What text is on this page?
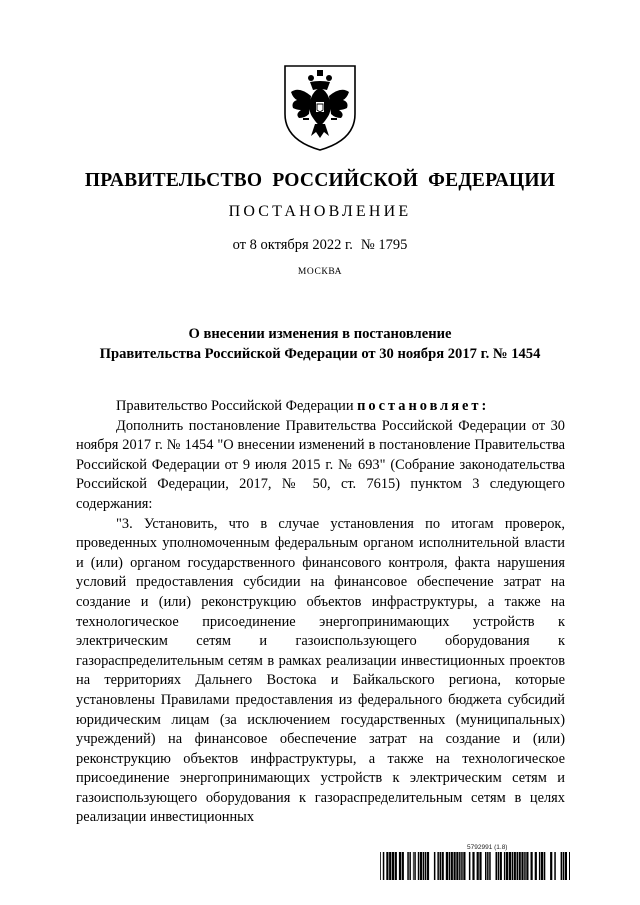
ПРАВИТЕЛЬСТВО РОССИЙСКОЙ ФЕДЕРАЦИИ
ПОСТАНОВЛЕНИЕ
от 8 октября 2022 г. № 1795
МОСКВА
О внесении изменения в постановление
Правительства Российской Федерации от 30 ноября 2017 г. № 1454

Правительство Российской Федерации постановляет:

Дополнить постановление Правительства Российской Федерации от 30 ноября 2017 г. № 1454 "О внесении изменений в постановление Правительства Российской Федерации от 9 июля 2015 г. № 693" (Собрание законодательства Российской Федерации, 2017, № 50, ст. 7615) пунктом 3 следующего содержания:

"3. Установить, что в случае установления по итогам проверок, проведенных уполномоченным федеральным органом исполнительной власти и (или) органом государственного финансового контроля, факта нарушения условий предоставления субсидии на финансовое обеспечение затрат на создание и (или) реконструкцию объектов инфраструктуры, а также на технологическое присоединение энергопринимающих устройств к электрическим сетям и газоиспользующего оборудования к газораспределительным сетям в рамках реализации инвестиционных проектов на территориях Дальнего Востока и Байкальского региона, которые установлены Правилами предоставления из федерального бюджета субсидий юридическим лицам (за исключением государственных (муниципальных) учреждений) на финансовое обеспечение затрат на создание и (или) реконструкцию объектов инфраструктуры, а также на технологическое присоединение энергопринимающих устройств к электрическим сетям и газоиспользующего оборудования к газораспределительным сетям в целях реализации инвестиционных

5792991 (1.8)
